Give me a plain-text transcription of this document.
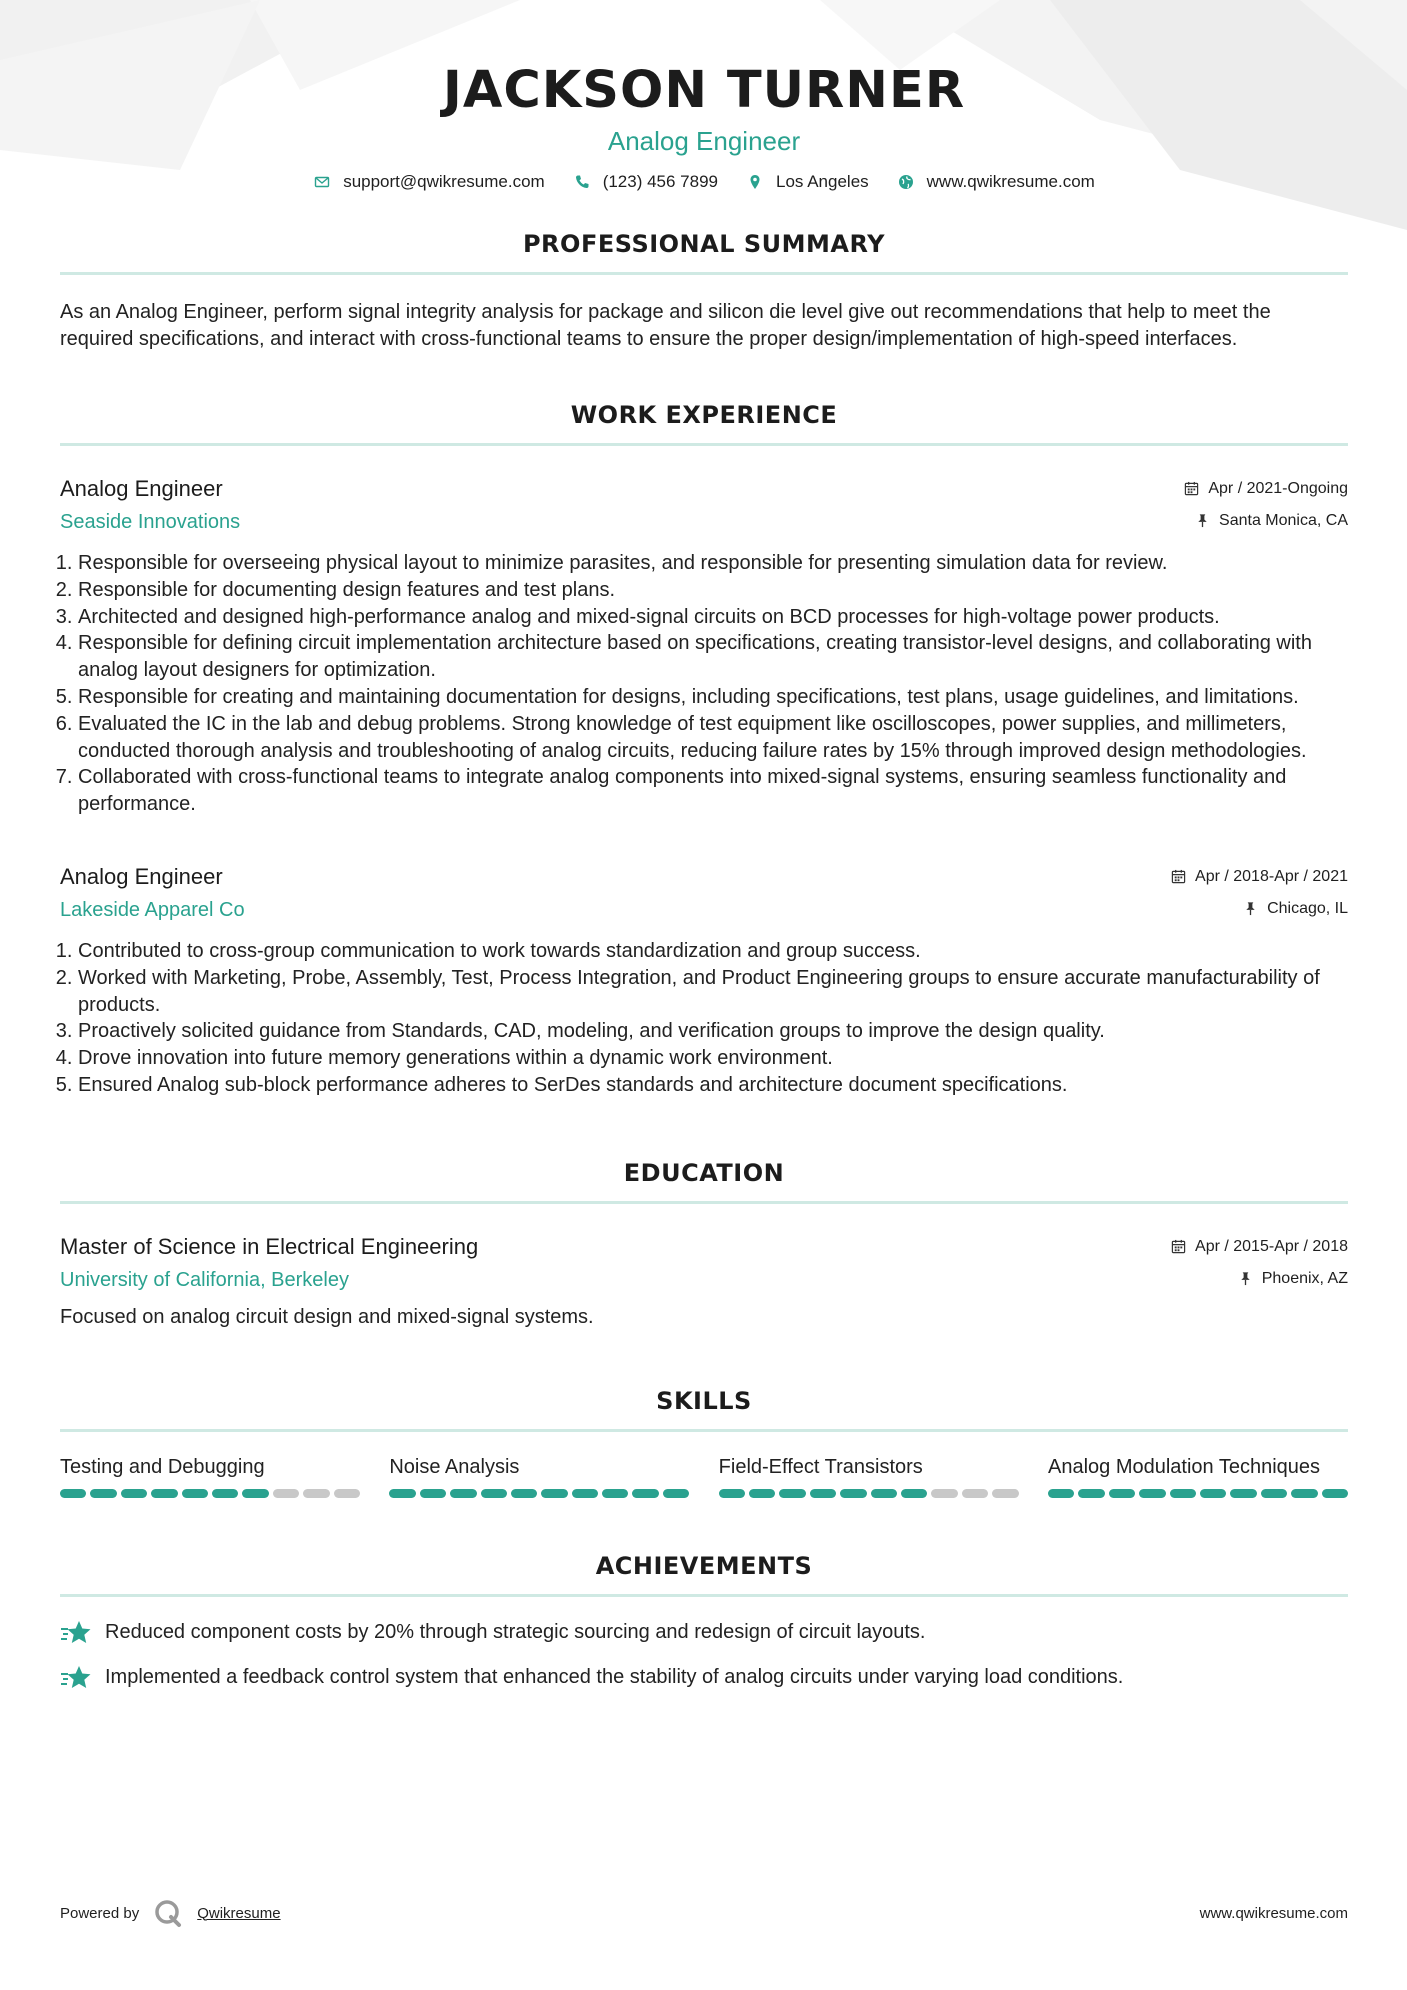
JACKSON TURNER
Analog Engineer
support@qwikresume.com	(123) 456 7899	Los Angeles	www.qwikresume.com
PROFESSIONAL SUMMARY
As an Analog Engineer, perform signal integrity analysis for package and silicon die level give out recommendations that help to meet the required specifications, and interact with cross-functional teams to ensure the proper design/implementation of high-speed interfaces.
WORK EXPERIENCE
Analog Engineer
Seaside Innovations
Apr / 2021-Ongoing
Santa Monica, CA
1. Responsible for overseeing physical layout to minimize parasites, and responsible for presenting simulation data for review.
2. Responsible for documenting design features and test plans.
3. Architected and designed high-performance analog and mixed-signal circuits on BCD processes for high-voltage power products.
4. Responsible for defining circuit implementation architecture based on specifications, creating transistor-level designs, and collaborating with analog layout designers for optimization.
5. Responsible for creating and maintaining documentation for designs, including specifications, test plans, usage guidelines, and limitations.
6. Evaluated the IC in the lab and debug problems. Strong knowledge of test equipment like oscilloscopes, power supplies, and millimeters, conducted thorough analysis and troubleshooting of analog circuits, reducing failure rates by 15% through improved design methodologies.
7. Collaborated with cross-functional teams to integrate analog components into mixed-signal systems, ensuring seamless functionality and performance.
Analog Engineer
Lakeside Apparel Co
Apr / 2018-Apr / 2021
Chicago, IL
1. Contributed to cross-group communication to work towards standardization and group success.
2. Worked with Marketing, Probe, Assembly, Test, Process Integration, and Product Engineering groups to ensure accurate manufacturability of products.
3. Proactively solicited guidance from Standards, CAD, modeling, and verification groups to improve the design quality.
4. Drove innovation into future memory generations within a dynamic work environment.
5. Ensured Analog sub-block performance adheres to SerDes standards and architecture document specifications.
EDUCATION
Master of Science in Electrical Engineering
University of California, Berkeley
Apr / 2015-Apr / 2018
Phoenix, AZ
Focused on analog circuit design and mixed-signal systems.
SKILLS
Testing and Debugging	Noise Analysis	Field-Effect Transistors	Analog Modulation Techniques
ACHIEVEMENTS
Reduced component costs by 20% through strategic sourcing and redesign of circuit layouts.
Implemented a feedback control system that enhanced the stability of analog circuits under varying load conditions.
Powered by	Qwikresume	www.qwikresume.com
